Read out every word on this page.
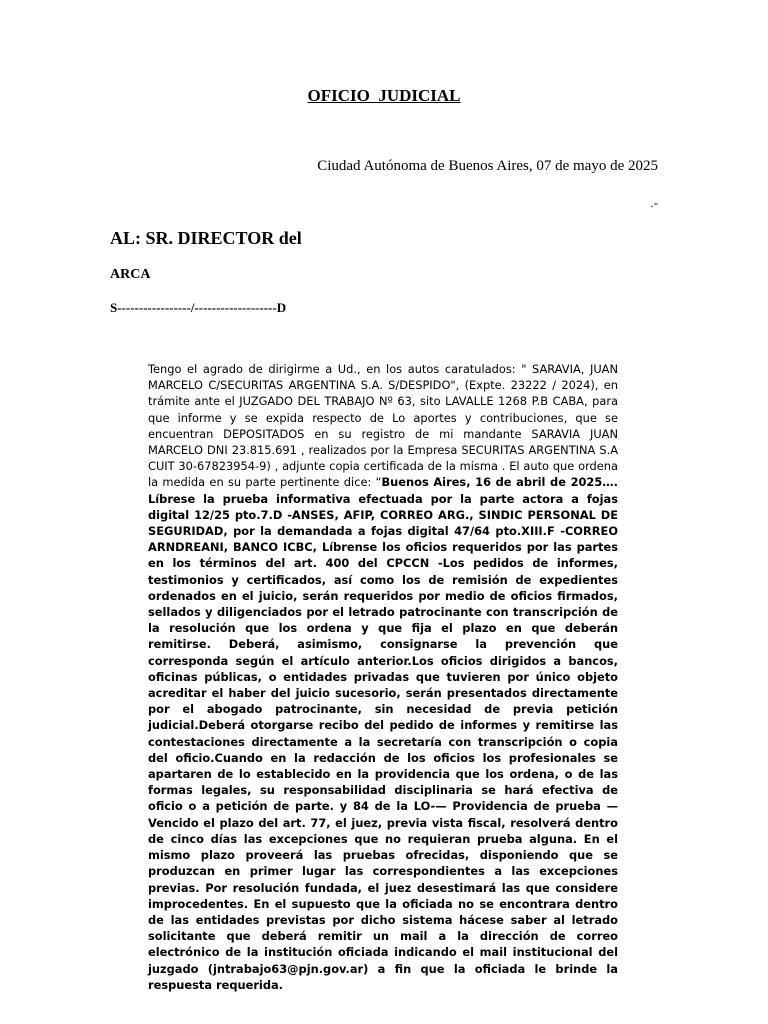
OFICIO  JUDICIAL

Ciudad Autónoma de Buenos Aires, 07 de mayo de 2025

.-

AL: SR. DIRECTOR del

ARCA

S-----------------/-------------------D

Tengo el agrado de dirigirme a Ud., en los autos caratulados: " SARAVIA, JUAN MARCELO C/SECURITAS ARGENTINA S.A. S/DESPIDO", (Expte. 23222 / 2024), en trámite ante el JUZGADO DEL TRABAJO Nº 63, sito LAVALLE 1268 P.B CABA, para que informe y se expida respecto de Lo aportes y contribuciones, que se encuentran DEPOSITADOS en su registro de mi mandante SARAVIA JUAN MARCELO DNI 23.815.691 , realizados por la Empresa SECURITAS ARGENTINA S.A CUIT 30-67823954-9) , adjunte copia certificada de la misma . El auto que ordena la medida en su parte pertinente dice: “Buenos Aires, 16 de abril de 2025…. Líbrese la prueba informativa efectuada por la parte actora a fojas digital 12/25 pto.7.D -ANSES, AFIP, CORREO ARG., SINDIC PERSONAL DE SEGURIDAD, por la demandada a fojas digital 47/64 pto.XIII.F -CORREO ARNDREANI, BANCO ICBC, Líbrense los oficios requeridos por las partes en los términos del art. 400 del CPCCN -Los pedidos de informes, testimonios y certificados, así como los de remisión de expedientes ordenados en el juicio, serán requeridos por medio de oficios firmados, sellados y diligenciados por el letrado patrocinante con transcripción de la resolución que los ordena y que fija el plazo en que deberán remitirse. Deberá, asimismo, consignarse la prevención que corresponda según el artículo anterior.Los oficios dirigidos a bancos, oficinas públicas, o entidades privadas que tuvieren por único objeto acreditar el haber del juicio sucesorio, serán presentados directamente por el abogado patrocinante, sin necesidad de previa petición judicial.Deberá otorgarse recibo del pedido de informes y remitirse las contestaciones directamente a la secretaría con transcripción o copia del oficio.Cuando en la redacción de los oficios los profesionales se apartaren de lo establecido en la providencia que los ordena, o de las formas legales, su responsabilidad disciplinaria se hará efectiva de oficio o a petición de parte. y 84 de la LO-— Providencia de prueba — Vencido el plazo del art. 77, el juez, previa vista fiscal, resolverá dentro de cinco días las excepciones que no requieran prueba alguna. En el mismo plazo proveerá las pruebas ofrecidas, disponiendo que se produzcan en primer lugar las correspondientes a las excepciones previas. Por resolución fundada, el juez desestimará las que considere improcedentes. En el supuesto que la oficiada no se encontrara dentro de las entidades previstas por dicho sistema hácese saber al letrado solicitante que deberá remitir un mail a la dirección de correo electrónico de la institución oficiada indicando el mail institucional del juzgado (jntrabajo63@pjn.gov.ar) a fin que la oficiada le brinde la respuesta requerida.
